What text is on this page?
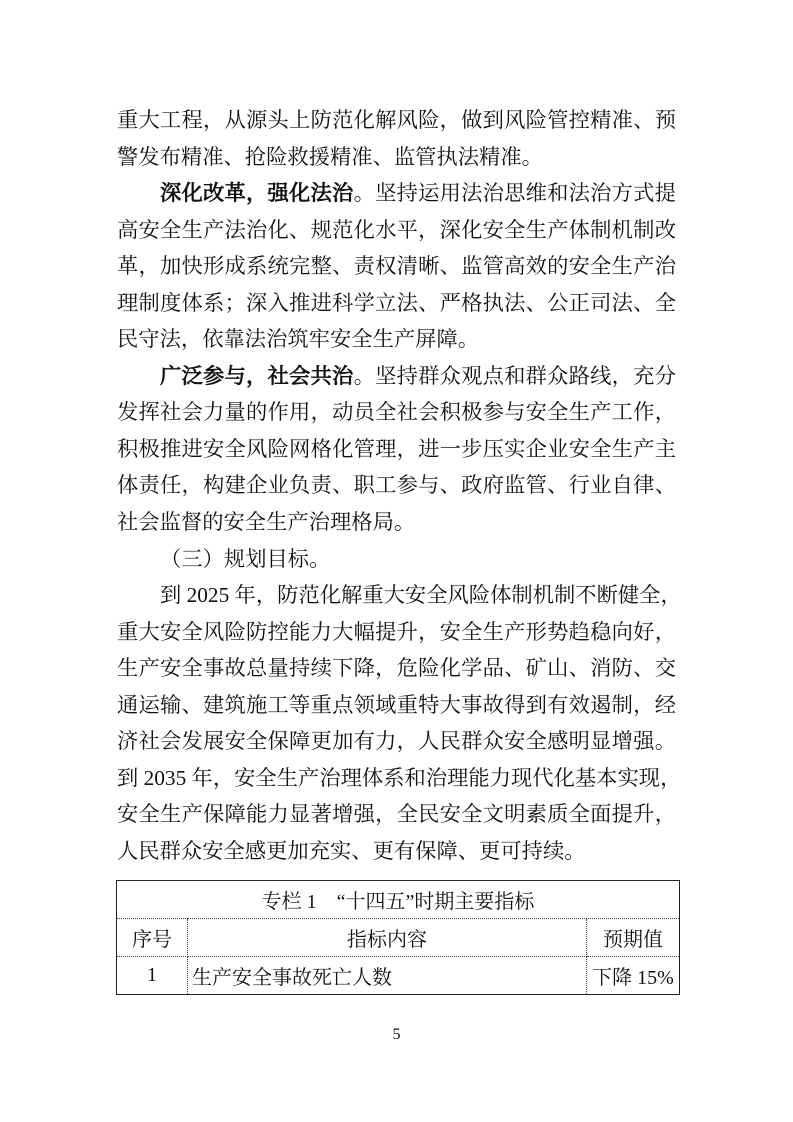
重大工程，从源头上防范化解风险，做到风险管控精准、预
警发布精准、抢险救援精准、监管执法精准。
深化改革，强化法治。坚持运用法治思维和法治方式提
高安全生产法治化、规范化水平，深化安全生产体制机制改
革，加快形成系统完整、责权清晰、监管高效的安全生产治
理制度体系；深入推进科学立法、严格执法、公正司法、全
民守法，依靠法治筑牢安全生产屏障。
广泛参与，社会共治。坚持群众观点和群众路线，充分
发挥社会力量的作用，动员全社会积极参与安全生产工作，
积极推进安全风险网格化管理，进一步压实企业安全生产主
体责任，构建企业负责、职工参与、政府监管、行业自律、
社会监督的安全生产治理格局。
（三）规划目标。
到 2025 年，防范化解重大安全风险体制机制不断健全，
重大安全风险防控能力大幅提升，安全生产形势趋稳向好，
生产安全事故总量持续下降，危险化学品、矿山、消防、交
通运输、建筑施工等重点领域重特大事故得到有效遏制，经
济社会发展安全保障更加有力，人民群众安全感明显增强。
到 2035 年，安全生产治理体系和治理能力现代化基本实现，
安全生产保障能力显著增强，全民安全文明素质全面提升，
人民群众安全感更加充实、更有保障、更可持续。
专栏 1　“十四五”时期主要指标		
序号	指标内容	预期值
1	生产安全事故死亡人数	下降 15%
5
